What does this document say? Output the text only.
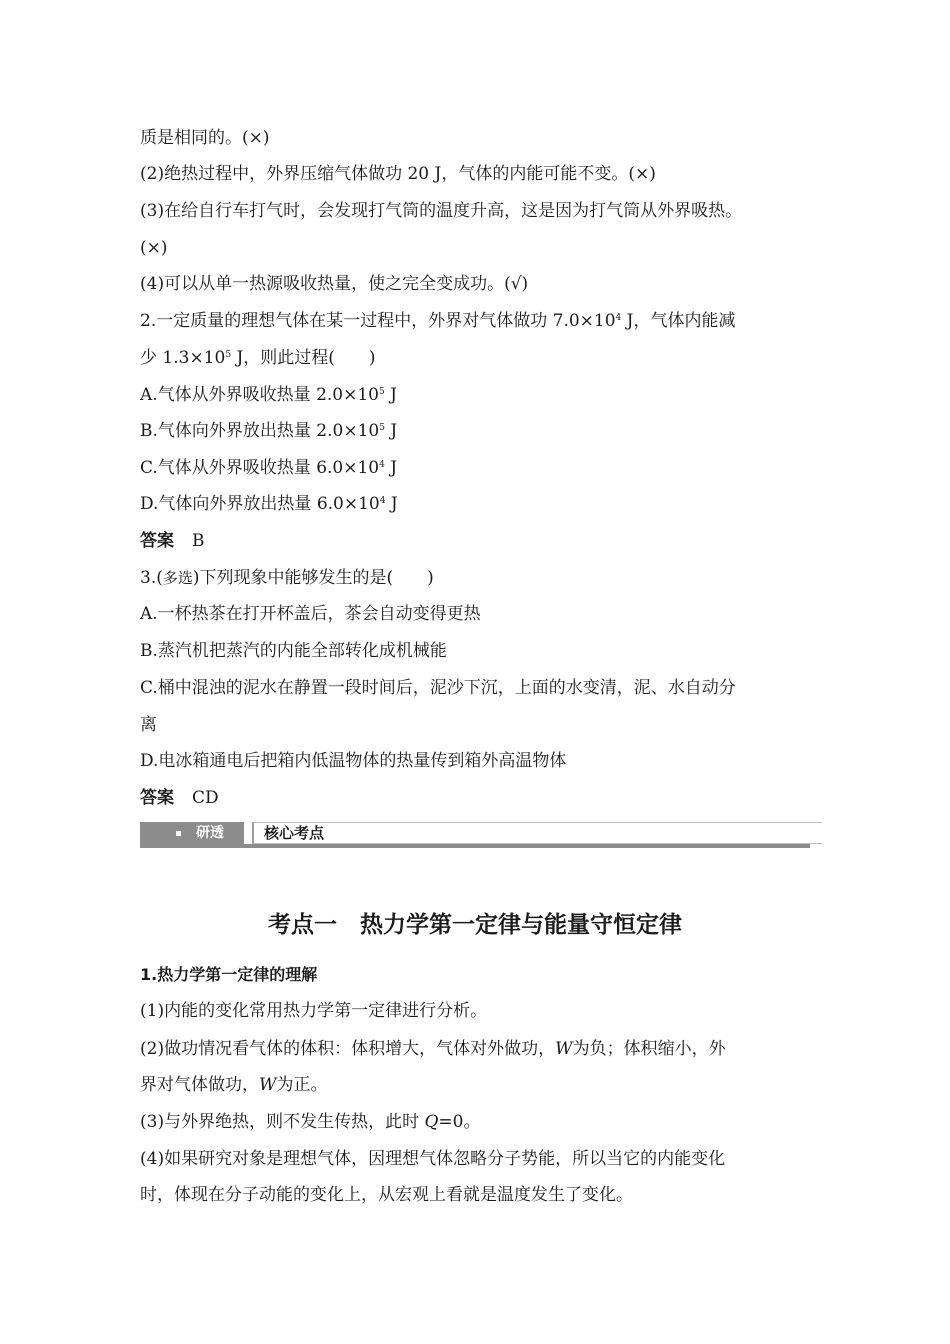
质是相同的。(×)
(2)绝热过程中，外界压缩气体做功 20 J，气体的内能可能不变。(×)
(3)在给自行车打气时，会发现打气筒的温度升高，这是因为打气筒从外界吸热。
(×)
(4)可以从单一热源吸收热量，使之完全变成功。(√)
2.一定质量的理想气体在某一过程中，外界对气体做功 $7.0\times 10^4$ J，气体内能减
少 $1.3\times 10^5$ J，则此过程(　　)
A.气体从外界吸收热量 $2.0\times 10^5$ J
B.气体向外界放出热量 $2.0\times 10^5$ J
C.气体从外界吸收热量 $6.0\times 10^4$ J
D.气体向外界放出热量 $6.0\times 10^4$ J
答案 B
3.(多选)下列现象中能够发生的是(　　)
A.一杯热茶在打开杯盖后，茶会自动变得更热
B.蒸汽机把蒸汽的内能全部转化成机械能
C.桶中混浊的泥水在静置一段时间后，泥沙下沉，上面的水变清，泥、水自动分
离
D.电冰箱通电后把箱内低温物体的热量传到箱外高温物体
答案 CD
研透	核心考点
考点一　热力学第一定律与能量守恒定律
1.热力学第一定律的理解
(1)内能的变化常用热力学第一定律进行分析。
(2)做功情况看气体的体积：体积增大，气体对外做功，W为负；体积缩小，外
界对气体做功，W为正。
(3)与外界绝热，则不发生传热，此时 Q=0。
(4)如果研究对象是理想气体，因理想气体忽略分子势能，所以当它的内能变化
时，体现在分子动能的变化上，从宏观上看就是温度发生了变化。
